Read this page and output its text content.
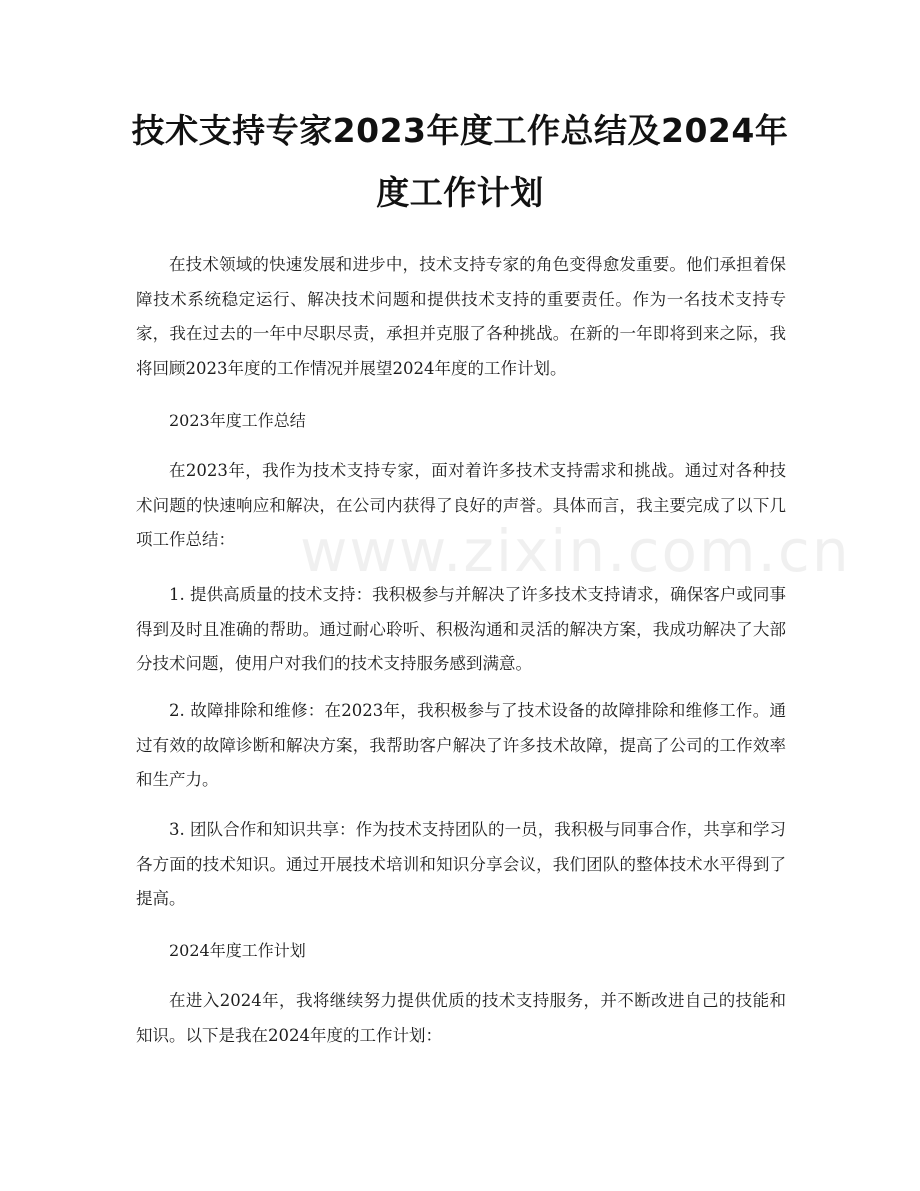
技术支持专家2023年度工作总结及2024年度工作计划

在技术领域的快速发展和进步中，技术支持专家的角色变得愈发重要。他们承担着保障技术系统稳定运行、解决技术问题和提供技术支持的重要责任。作为一名技术支持专家，我在过去的一年中尽职尽责，承担并克服了各种挑战。在新的一年即将到来之际，我将回顾2023年度的工作情况并展望2024年度的工作计划。

2023年度工作总结

在2023年，我作为技术支持专家，面对着许多技术支持需求和挑战。通过对各种技术问题的快速响应和解决，在公司内获得了良好的声誉。具体而言，我主要完成了以下几项工作总结：

1. 提供高质量的技术支持：我积极参与并解决了许多技术支持请求，确保客户或同事得到及时且准确的帮助。通过耐心聆听、积极沟通和灵活的解决方案，我成功解决了大部分技术问题，使用户对我们的技术支持服务感到满意。

2. 故障排除和维修：在2023年，我积极参与了技术设备的故障排除和维修工作。通过有效的故障诊断和解决方案，我帮助客户解决了许多技术故障，提高了公司的工作效率和生产力。

3. 团队合作和知识共享：作为技术支持团队的一员，我积极与同事合作，共享和学习各方面的技术知识。通过开展技术培训和知识分享会议，我们团队的整体技术水平得到了提高。

2024年度工作计划

在进入2024年，我将继续努力提供优质的技术支持服务，并不断改进自己的技能和知识。以下是我在2024年度的工作计划：

www.zixin.com.cn
